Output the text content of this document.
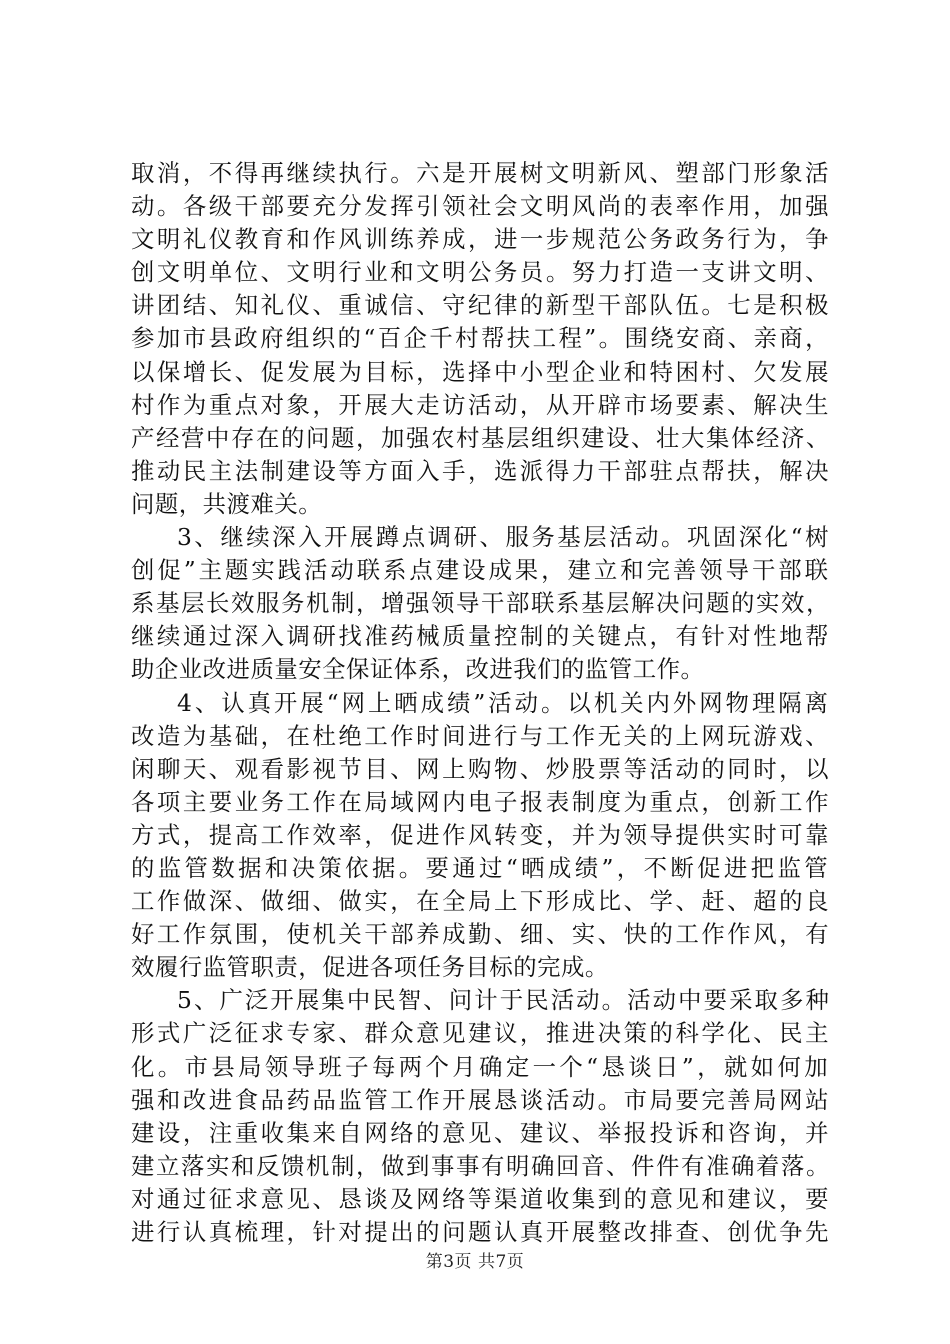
取消，不得再继续执行。六是开展树文明新风、塑部门形象活
动。各级干部要充分发挥引领社会文明风尚的表率作用，加强
文明礼仪教育和作风训练养成，进一步规范公务政务行为，争
创文明单位、文明行业和文明公务员。努力打造一支讲文明、
讲团结、知礼仪、重诚信、守纪律的新型干部队伍。七是积极
参加市县政府组织的“百企千村帮扶工程”。围绕安商、亲商，
以保增长、促发展为目标，选择中小型企业和特困村、欠发展
村作为重点对象，开展大走访活动，从开辟市场要素、解决生
产经营中存在的问题，加强农村基层组织建设、壮大集体经济、
推动民主法制建设等方面入手，选派得力干部驻点帮扶，解决
问题，共渡难关。
3、继续深入开展蹲点调研、服务基层活动。巩固深化“树
创促”主题实践活动联系点建设成果，建立和完善领导干部联
系基层长效服务机制，增强领导干部联系基层解决问题的实效，
继续通过深入调研找准药械质量控制的关键点，有针对性地帮
助企业改进质量安全保证体系，改进我们的监管工作。
4、认真开展“网上晒成绩”活动。以机关内外网物理隔离
改造为基础，在杜绝工作时间进行与工作无关的上网玩游戏、
闲聊天、观看影视节目、网上购物、炒股票等活动的同时，以
各项主要业务工作在局域网内电子报表制度为重点，创新工作
方式，提高工作效率，促进作风转变，并为领导提供实时可靠
的监管数据和决策依据。要通过“晒成绩”，不断促进把监管
工作做深、做细、做实，在全局上下形成比、学、赶、超的良
好工作氛围，使机关干部养成勤、细、实、快的工作作风，有
效履行监管职责，促进各项任务目标的完成。
5、广泛开展集中民智、问计于民活动。活动中要采取多种
形式广泛征求专家、群众意见建议，推进决策的科学化、民主
化。市县局领导班子每两个月确定一个“恳谈日”，就如何加
强和改进食品药品监管工作开展恳谈活动。市局要完善局网站
建设，注重收集来自网络的意见、建议、举报投诉和咨询，并
建立落实和反馈机制，做到事事有明确回音、件件有准确着落。
对通过征求意见、恳谈及网络等渠道收集到的意见和建议，要
进行认真梳理，针对提出的问题认真开展整改排查、创优争先
第3页 共7页
